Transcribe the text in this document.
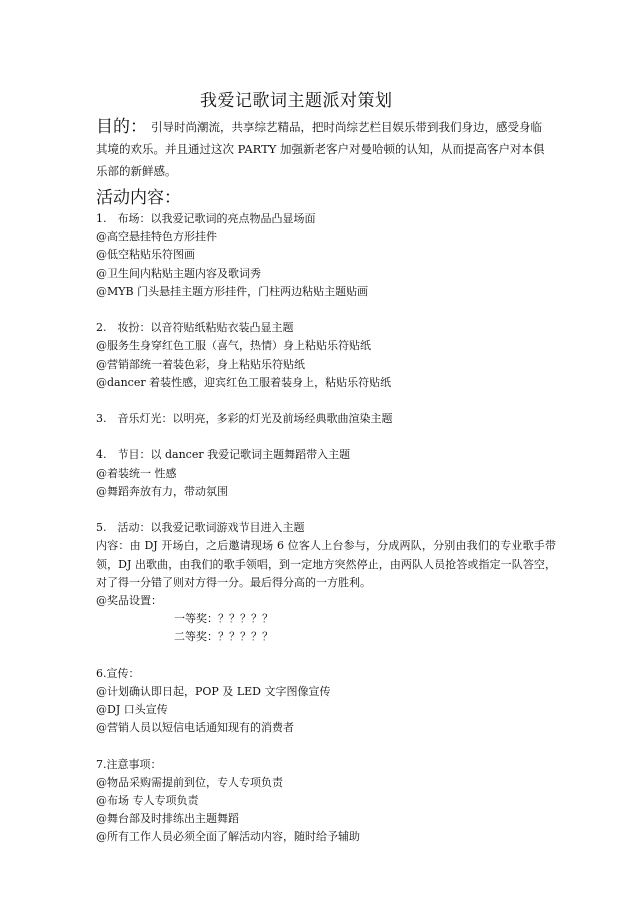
我爱记歌词主题派对策划
目的： 引导时尚潮流，共享综艺精品，把时尚综艺栏目娱乐带到我们身边，感受身临其境的欢乐。并且通过这次 PARTY 加强新老客户对曼哈顿的认知，从而提高客户对本俱乐部的新鲜感。
活动内容：
1.　布场：以我爱记歌词的亮点物品凸显场面
@高空悬挂特色方形挂件
@低空粘贴乐符图画
@卫生间内粘贴主题内容及歌词秀
@MYB 门头悬挂主题方形挂件，门柱两边粘贴主题贴画
2.　妆扮：以音符贴纸粘贴衣装凸显主题
@服务生身穿红色工服（喜气，热情）身上粘贴乐符贴纸
@营销部统一着装色彩，身上粘贴乐符贴纸
@dancer 着装性感，迎宾红色工服着装身上，粘贴乐符贴纸
3.　音乐灯光：以明亮，多彩的灯光及前场经典歌曲渲染主题
4.　节目：以 dancer 我爱记歌词主题舞蹈带入主题
@着装统一 性感
@舞蹈奔放有力，带动氛围
5.　活动：以我爱记歌词游戏节目进入主题
内容：由 DJ 开场白，之后邀请现场 6 位客人上台参与，分成两队，分别由我们的专业歌手带领，DJ 出歌曲，由我们的歌手领唱，到一定地方突然停止，由两队人员抢答或指定一队答空，对了得一分错了则对方得一分。最后得分高的一方胜利。
@奖品设置：
一等奖：？？？？？
二等奖：？？？？？
6.宣传：
@计划确认即日起，POP 及 LED 文字图像宣传
@DJ 口头宣传
@营销人员以短信电话通知现有的消费者
7.注意事项：
@物品采购需提前到位，专人专项负责
@布场 专人专项负责
@舞台部及时排练出主题舞蹈
@所有工作人员必须全面了解活动内容，随时给予辅助
